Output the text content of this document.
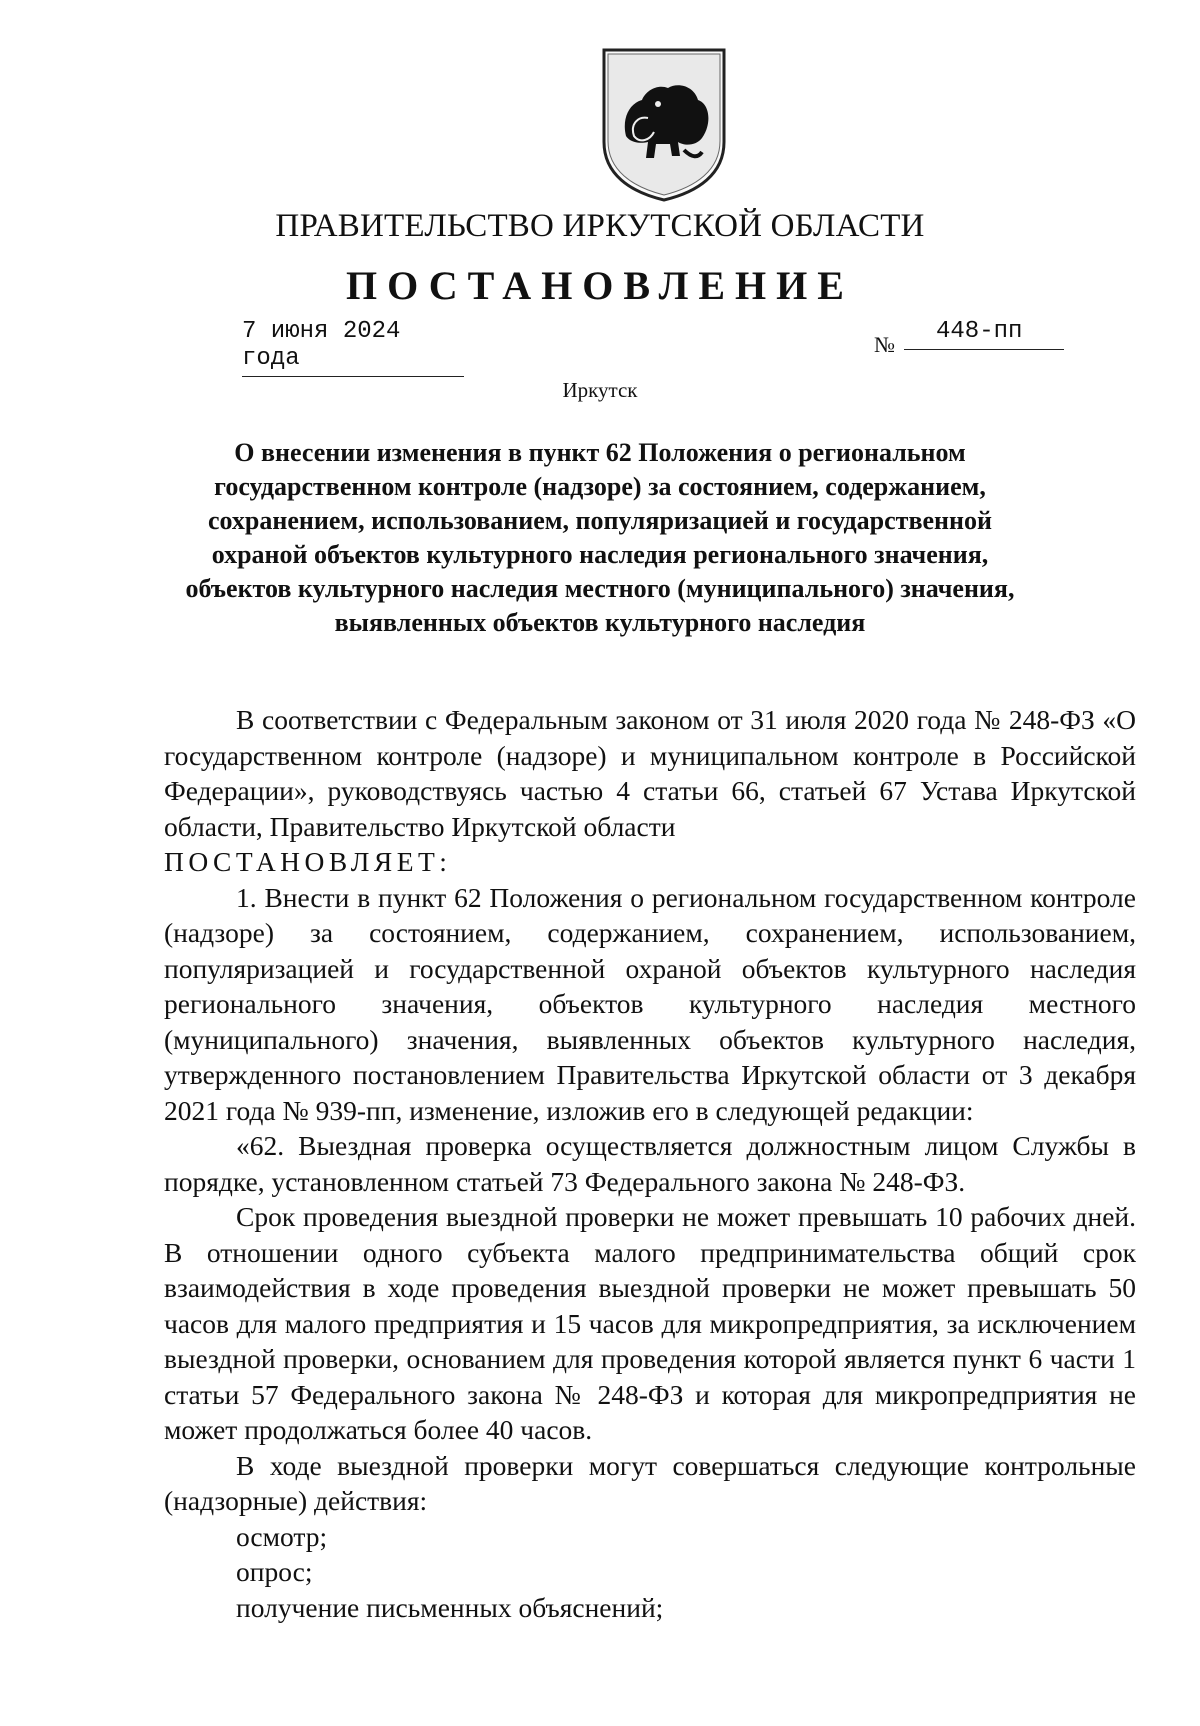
ПРАВИТЕЛЬСТВО ИРКУТСКОЙ ОБЛАСТИ
ПОСТАНОВЛЕНИЕ
7 июня 2024 года
№	448-пп
Иркутск
О внесении изменения в пункт 62 Положения о региональном государственном контроле (надзоре) за состоянием, содержанием, сохранением, использованием, популяризацией и государственной охраной объектов культурного наследия регионального значения, объектов культурного наследия местного (муниципального) значения, выявленных объектов культурного наследия

В соответствии с Федеральным законом от 31 июля 2020 года № 248-ФЗ «О государственном контроле (надзоре) и муниципальном контроле в Российской Федерации», руководствуясь частью 4 статьи 66, статьей 67 Устава Иркутской области, Правительство Иркутской области

ПОСТАНОВЛЯЕТ:

1. Внести в пункт 62 Положения о региональном государственном контроле (надзоре) за состоянием, содержанием, сохранением, использованием, популяризацией и государственной охраной объектов культурного наследия регионального значения, объектов культурного наследия местного (муниципального) значения, выявленных объектов культурного наследия, утвержденного постановлением Правительства Иркутской области от 3 декабря 2021 года № 939-пп, изменение, изложив его в следующей редакции:

«62. Выездная проверка осуществляется должностным лицом Службы в порядке, установленном статьей 73 Федерального закона № 248-ФЗ.

Срок проведения выездной проверки не может превышать 10 рабочих дней. В отношении одного субъекта малого предпринимательства общий срок взаимодействия в ходе проведения выездной проверки не может превышать 50 часов для малого предприятия и 15 часов для микропредприятия, за исключением выездной проверки, основанием для проведения которой является пункт 6 части 1 статьи 57 Федерального закона № 248-ФЗ и которая для микропредприятия не может продолжаться более 40 часов.

В ходе выездной проверки могут совершаться следующие контрольные (надзорные) действия:

осмотр;

опрос;

получение письменных объяснений;
